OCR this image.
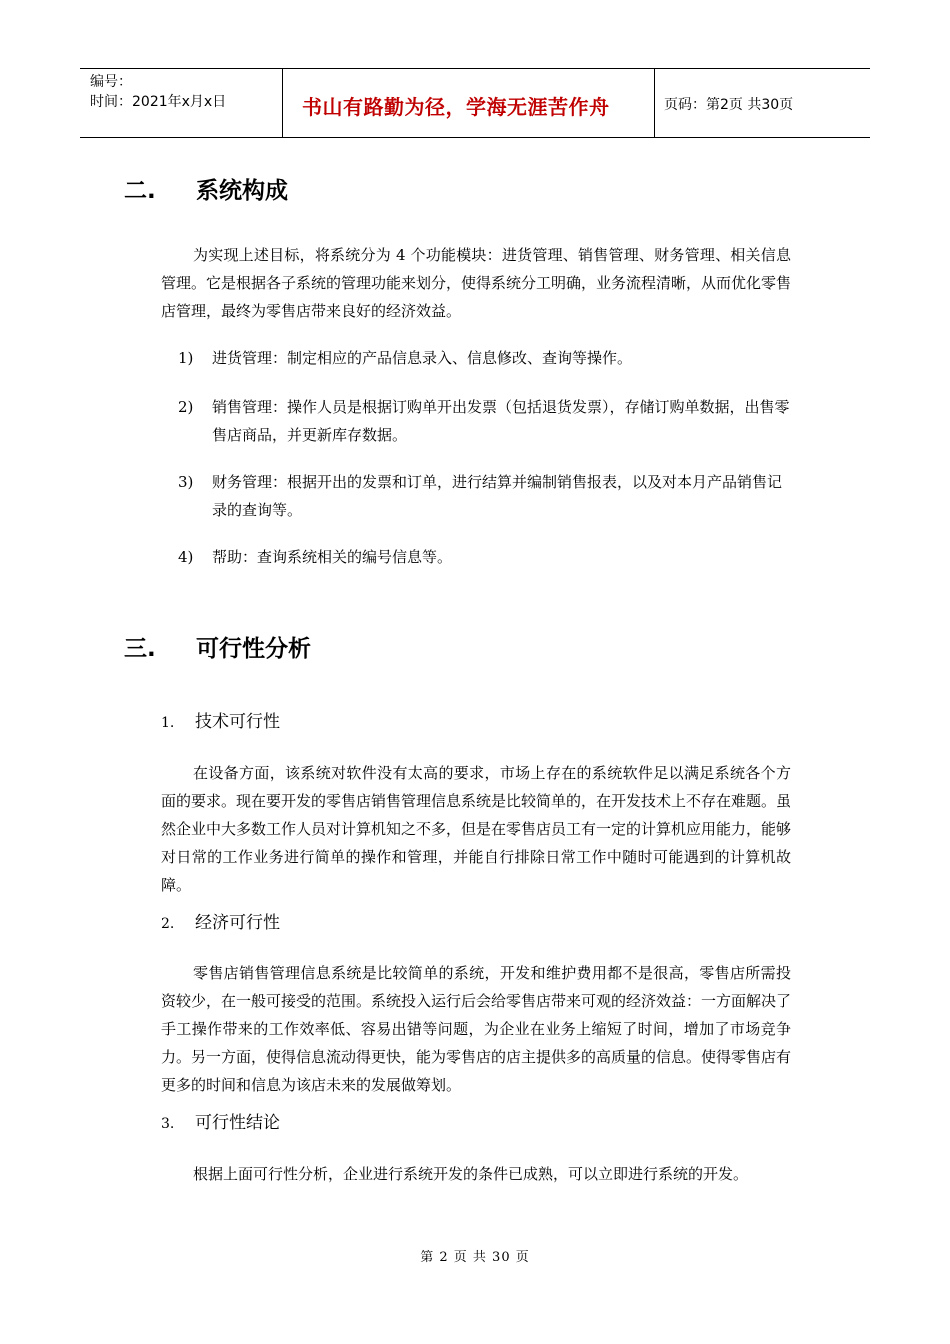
编号：
时间：2021年x月x日	书山有路勤为径，学海无涯苦作舟	页码：第2页 共30页
二. 系统构成
为实现上述目标，将系统分为 4 个功能模块：进货管理、销售管理、财务管理、相关信息管理。它是根据各子系统的管理功能来划分，使得系统分工明确，业务流程清晰，从而优化零售店管理，最终为零售店带来良好的经济效益。
1)	进货管理：制定相应的产品信息录入、信息修改、查询等操作。
2)	销售管理：操作人员是根据订购单开出发票（包括退货发票），存储订购单数据，出售零售店商品，并更新库存数据。
3)	财务管理：根据开出的发票和订单，进行结算并编制销售报表，以及对本月产品销售记录的查询等。
4)	帮助：查询系统相关的编号信息等。
三. 可行性分析
1. 技术可行性
在设备方面，该系统对软件没有太高的要求，市场上存在的系统软件足以满足系统各个方面的要求。现在要开发的零售店销售管理信息系统是比较简单的，在开发技术上不存在难题。虽然企业中大多数工作人员对计算机知之不多，但是在零售店员工有一定的计算机应用能力，能够对日常的工作业务进行简单的操作和管理，并能自行排除日常工作中随时可能遇到的计算机故障。
2. 经济可行性
零售店销售管理信息系统是比较简单的系统，开发和维护费用都不是很高，零售店所需投资较少，在一般可接受的范围。系统投入运行后会给零售店带来可观的经济效益：一方面解决了手工操作带来的工作效率低、容易出错等问题，为企业在业务上缩短了时间，增加了市场竞争力。另一方面，使得信息流动得更快，能为零售店的店主提供多的高质量的信息。使得零售店有更多的时间和信息为该店未来的发展做筹划。
3. 可行性结论
根据上面可行性分析，企业进行系统开发的条件已成熟，可以立即进行系统的开发。
第 2 页 共 30 页
